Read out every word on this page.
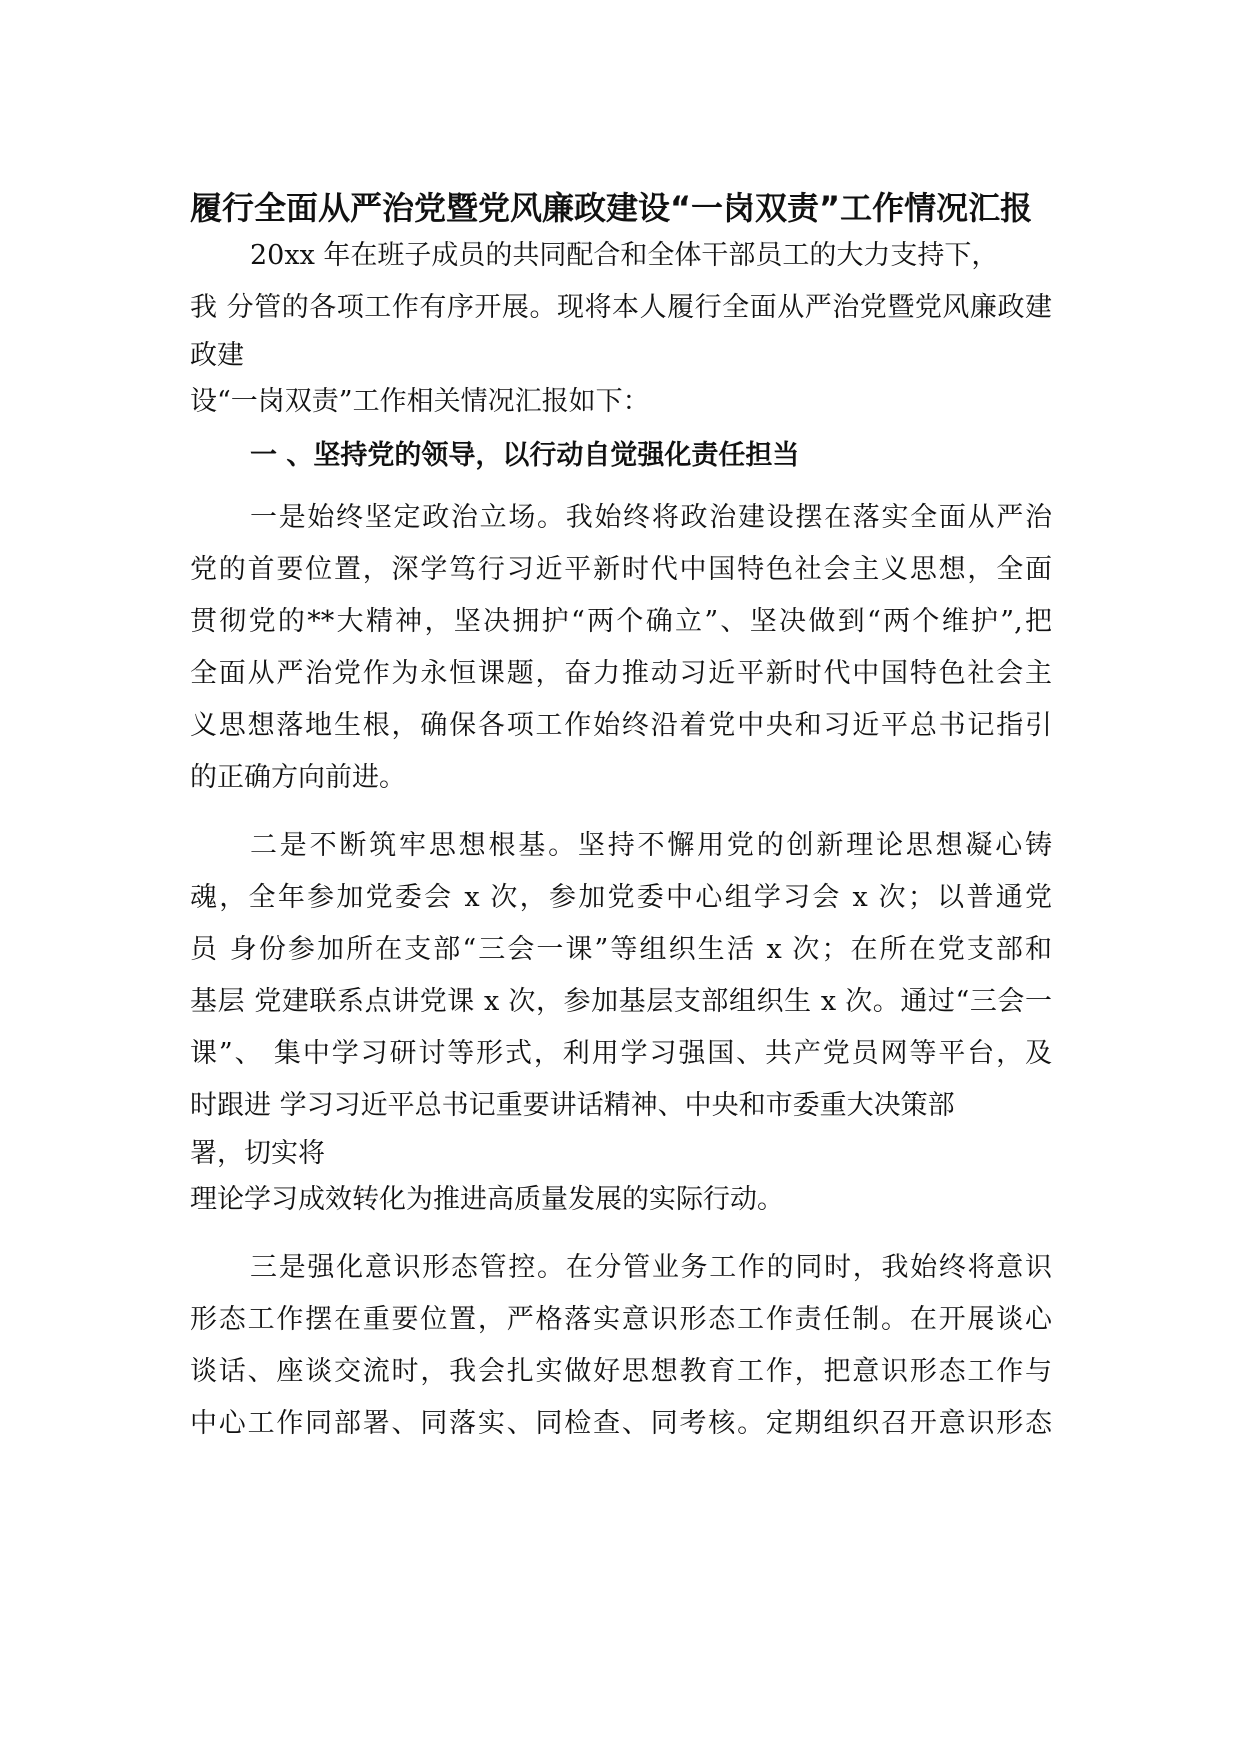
履行全面从严治党暨党风廉政建设“一岗双责”工作情况汇报
20xx 年在班子成员的共同配合和全体干部员工的大力支持下，
我 分管的各项工作有序开展。现将本人履行全面从严治党暨党风廉政建
政建
设“一岗双责”工作相关情况汇报如下：
一 、坚持党的领导，以行动自觉强化责任担当
一是始终坚定政治立场。我始终将政治建设摆在落实全面从严治
党的首要位置，深学笃行习近平新时代中国特色社会主义思想，全面
贯彻党的**大精神，坚决拥护“两个确立”、坚决做到“两个维护”,把
全面从严治党作为永恒课题，奋力推动习近平新时代中国特色社会主
义思想落地生根，确保各项工作始终沿着党中央和习近平总书记指引
的正确方向前进。
二是不断筑牢思想根基。坚持不懈用党的创新理论思想凝心铸
魂，全年参加党委会 x 次，参加党委中心组学习会 x 次；以普通党
员 身份参加所在支部“三会一课”等组织生活 x 次；在所在党支部和
基层 党建联系点讲党课 x 次，参加基层支部组织生 x 次。通过“三会一
课”、 集中学习研讨等形式，利用学习强国、共产党员网等平台，及
时跟进 学习习近平总书记重要讲话精神、中央和市委重大决策部
署，切实将
理论学习成效转化为推进高质量发展的实际行动。
三是强化意识形态管控。在分管业务工作的同时，我始终将意识
形态工作摆在重要位置，严格落实意识形态工作责任制。在开展谈心
谈话、座谈交流时，我会扎实做好思想教育工作，把意识形态工作与
中心工作同部署、同落实、同检查、同考核。定期组织召开意识形态
